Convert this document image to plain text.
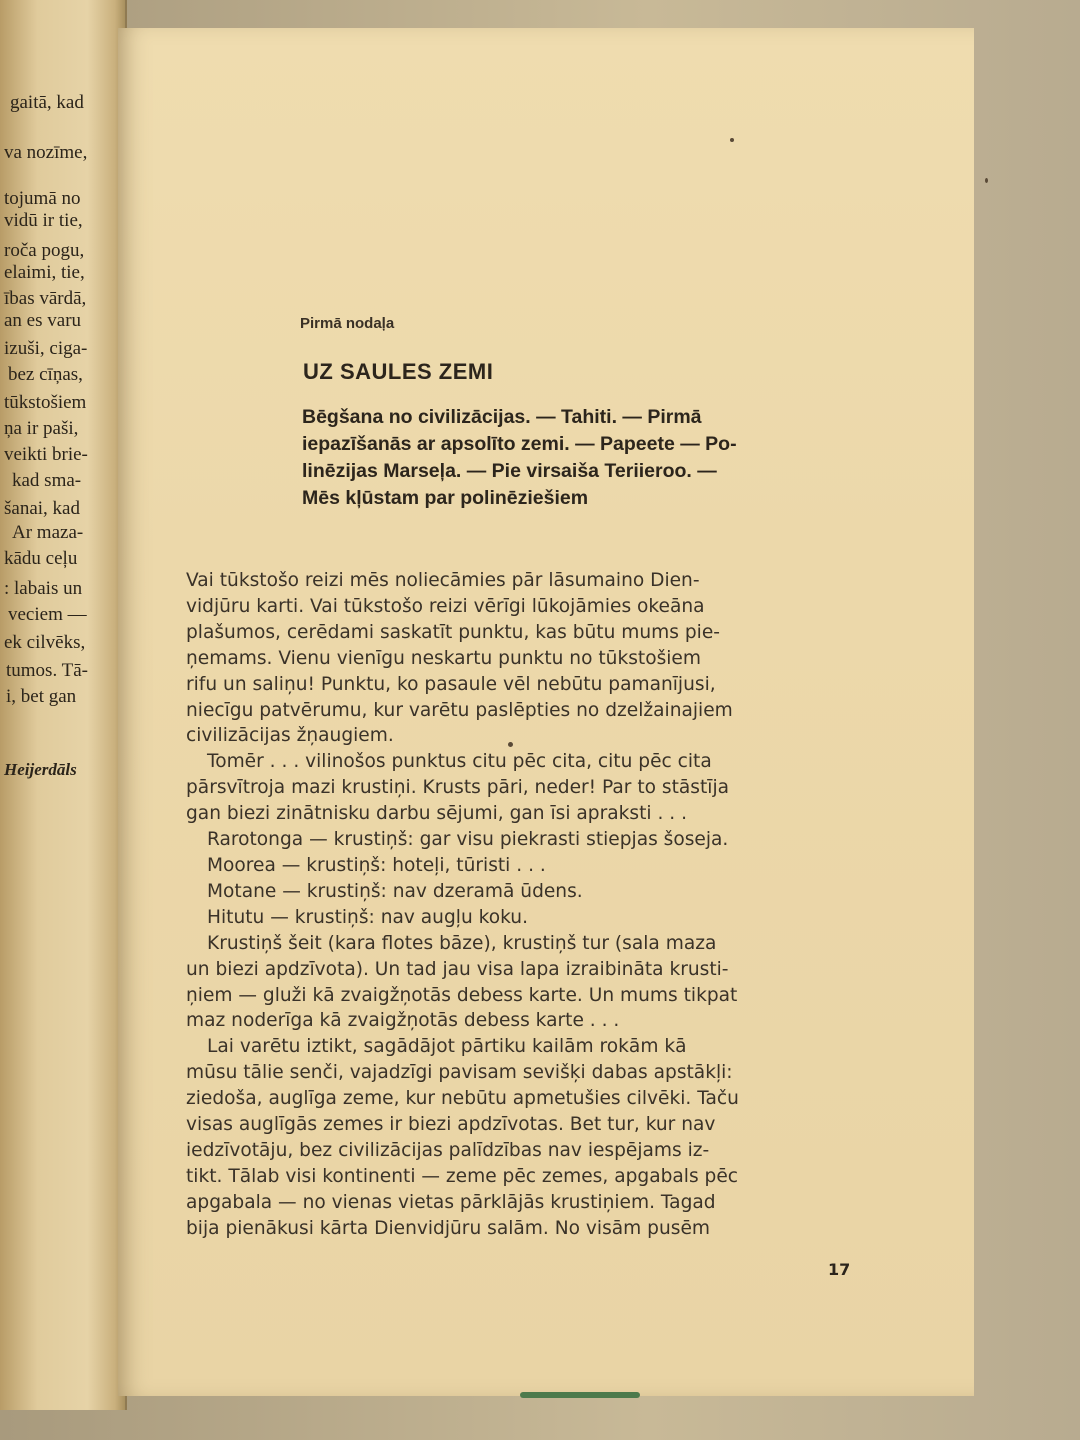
gaitā, kad
va nozīme,
tojumā no
vidū ir tie,
roča pogu,
elaimi, tie,
ības vārdā,
an es varu
izuši, ciga-
bez cīņas,
tūkstošiem
ņa ir paši,
veikti brie-
kad sma-
šanai, kad
Ar maza-
kādu ceļu
: labais un
veciem —
ek cilvēks,
tumos. Tā-
i, bet gan
Heijerdāls
Pirmā nodaļa
UZ SAULES ZEMI
Bēgšana no civilizācijas. — Tahiti. — Pirmā
iepazīšanās ar apsolīto zemi. — Papeete — Po-
linēzijas Marseļa. — Pie virsaiša Teriieroo. —
Mēs kļūstam par polinēziešiem
Vai tūkstošo reizi mēs noliecāmies pār lāsumaino Dien-
vidjūru karti. Vai tūkstošo reizi vērīgi lūkojāmies okeāna
plašumos, cerēdami saskatīt punktu, kas būtu mums pie-
ņemams. Vienu vienīgu neskartu punktu no tūkstošiem
rifu un saliņu! Punktu, ko pasaule vēl nebūtu pamanījusi,
niecīgu patvērumu, kur varētu paslēpties no dzelžainajiem
civilizācijas žņaugiem.
Tomēr . . . vilinošos punktus citu pēc cita, citu pēc cita
pārsvītroja mazi krustiņi. Krusts pāri, neder! Par to stāstīja
gan biezi zinātnisku darbu sējumi, gan īsi apraksti . . .
Rarotonga — krustiņš: gar visu piekrasti stiepjas šoseja.
Moorea — krustiņš: hoteļi, tūristi . . .
Motane — krustiņš: nav dzeramā ūdens.
Hitutu — krustiņš: nav augļu koku.
Krustiņš šeit (kara flotes bāze), krustiņš tur (sala maza
un biezi apdzīvota). Un tad jau visa lapa izraibināta krusti-
ņiem — gluži kā zvaigžņotās debess karte. Un mums tikpat
maz noderīga kā zvaigžņotās debess karte . . .
Lai varētu iztikt, sagādājot pārtiku kailām rokām kā
mūsu tālie senči, vajadzīgi pavisam sevišķi dabas apstākļi:
ziedoša, auglīga zeme, kur nebūtu apmetušies cilvēki. Taču
visas auglīgās zemes ir biezi apdzīvotas. Bet tur, kur nav
iedzīvotāju, bez civilizācijas palīdzības nav iespējams iz-
tikt. Tālab visi kontinenti — zeme pēc zemes, apgabals pēc
apgabala — no vienas vietas pārklājās krustiņiem. Tagad
bija pienākusi kārta Dienvidjūru salām. No visām pusēm
17
